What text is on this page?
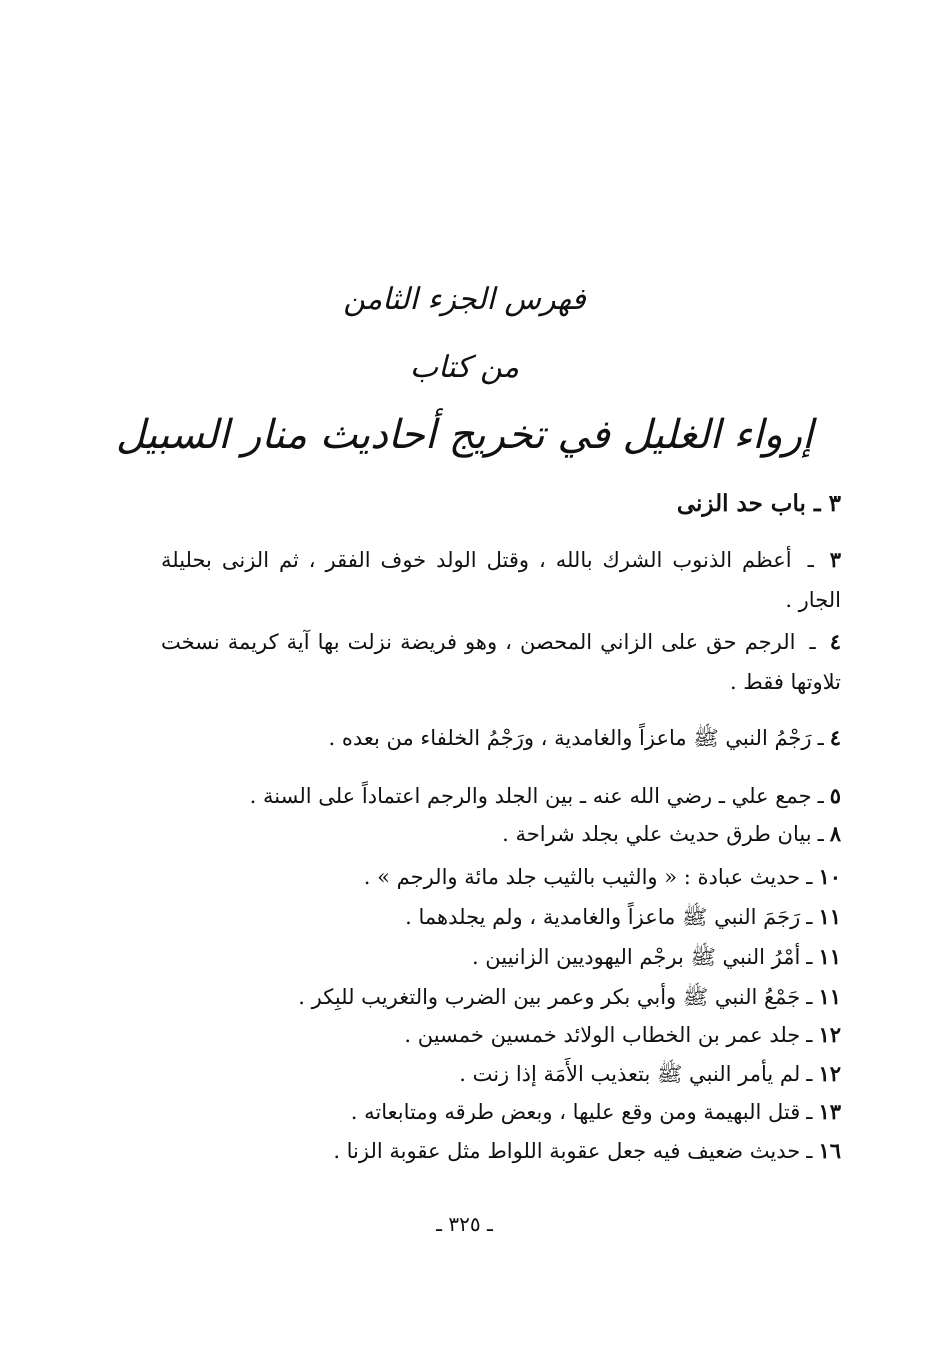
فهرس الجزء الثامن
من كتاب
إرواء الغليل في تخريج أحاديث منار السبيل
٣ ـ باب حد الزنى
٣ ـ أعظم الذنوب الشرك بالله ، وقتل الولد خوف الفقر ، ثم الزنى بحليلة الجار .
٤ ـ الرجم حق على الزاني المحصن ، وهو فريضة نزلت بها آية كريمة نسخت تلاوتها فقط .
٤
ـ
رَجْمُ النبي ﷺ ماعزاً والغامدية ، ورَجْمُ الخلفاء من بعده .
٥
ـ
جمع علي ـ رضي الله عنه ـ بين الجلد والرجم اعتماداً على السنة .
٨
ـ
بيان طرق حديث علي بجلد شراحة .
١٠
ـ
حديث عبادة : « والثيب بالثيب جلد مائة والرجم » .
١١
ـ
رَجَمَ النبي ﷺ ماعزاً والغامدية ، ولم يجلدهما .
١١
ـ
أمْرُ النبي ﷺ برجْم اليهوديين الزانيين .
١١
ـ
جَمْعُ النبي ﷺ وأبي بكر وعمر بين الضرب والتغريب للبِكر .
١٢
ـ
جلد عمر بن الخطاب الولائد خمسين خمسين .
١٢
ـ
لم يأمر النبي ﷺ بتعذيب الأَمَة إذا زنت .
١٣
ـ
قتل البهيمة ومن وقع عليها ، وبعض طرقه ومتابعاته .
١٦
ـ
حديث ضعيف فيه جعل عقوبة اللواط مثل عقوبة الزنا .
ـ ٣٢٥ ـ
